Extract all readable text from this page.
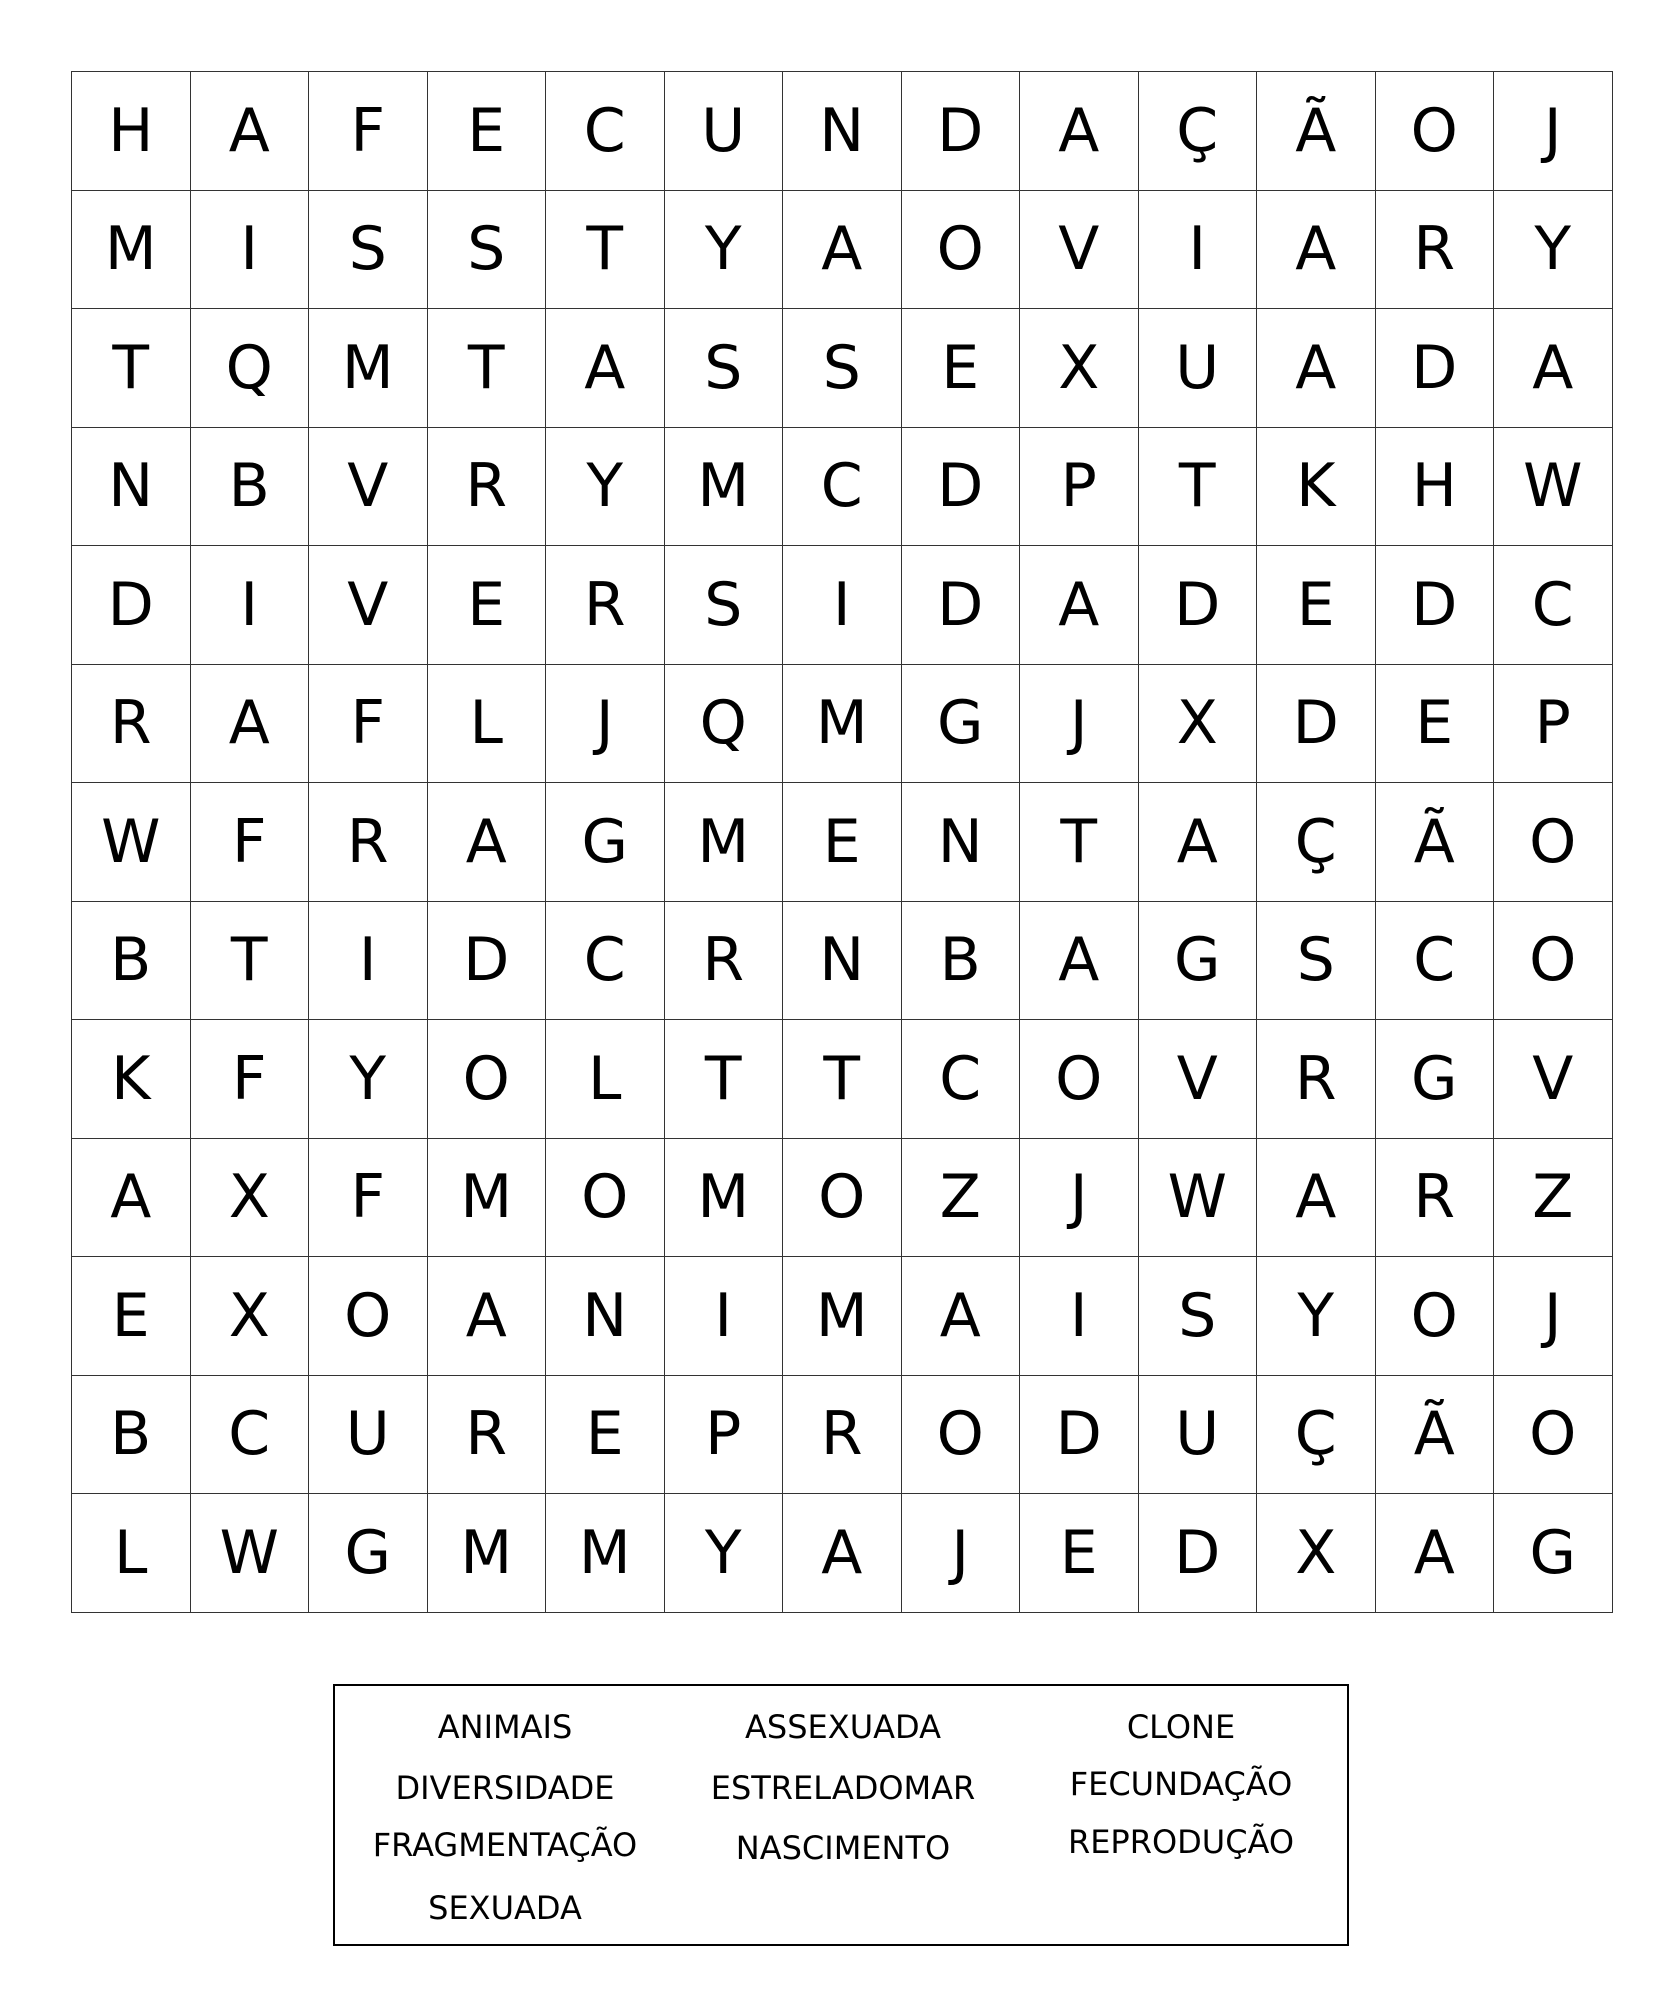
H	A	F	E	C	U	N	D	A	Ç	Ã	O	J
M	I	S	S	T	Y	A	O	V	I	A	R	Y
T	Q	M	T	A	S	S	E	X	U	A	D	A
N	B	V	R	Y	M	C	D	P	T	K	H	W
D	I	V	E	R	S	I	D	A	D	E	D	C
R	A	F	L	J	Q	M	G	J	X	D	E	P
W	F	R	A	G	M	E	N	T	A	Ç	Ã	O
B	T	I	D	C	R	N	B	A	G	S	C	O
K	F	Y	O	L	T	T	C	O	V	R	G	V
A	X	F	M	O	M	O	Z	J	W	A	R	Z
E	X	O	A	N	I	M	A	I	S	Y	O	J
B	C	U	R	E	P	R	O	D	U	Ç	Ã	O
L	W	G	M	M	Y	A	J	E	D	X	A	G
ANIMAIS
DIVERSIDADE
FRAGMENTAÇÃO
SEXUADA
ASSEXUADA
ESTRELADOMAR
NASCIMENTO
CLONE
FECUNDAÇÃO
REPRODUÇÃO
